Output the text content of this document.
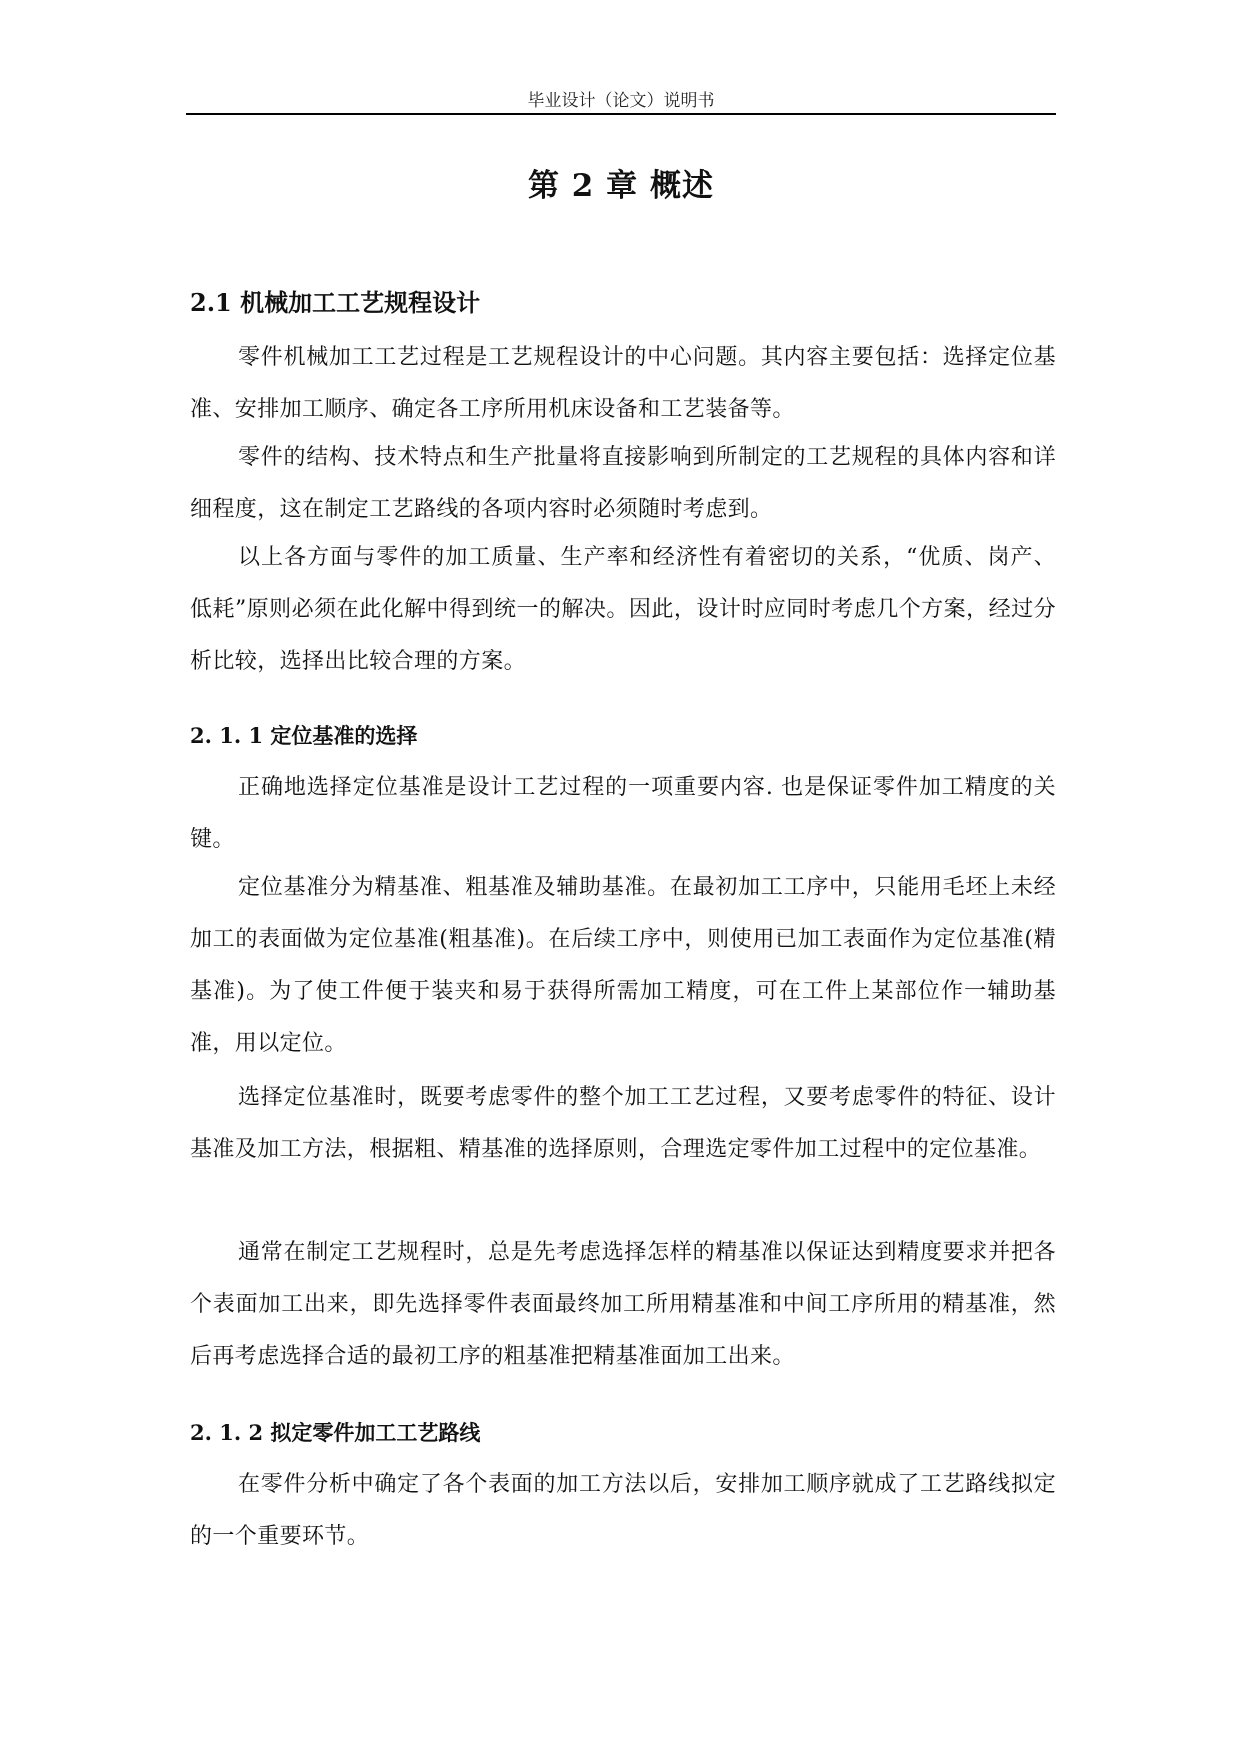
毕业设计（论文）说明书
第 2 章 概述
2.1 机械加工工艺规程设计

零件机械加工工艺过程是工艺规程设计的中心问题。其内容主要包括：选择定位基准、安排加工顺序、确定各工序所用机床设备和工艺装备等。

零件的结构、技术特点和生产批量将直接影响到所制定的工艺规程的具体内容和详细程度，这在制定工艺路线的各项内容时必须随时考虑到。

以上各方面与零件的加工质量、生产率和经济性有着密切的关系，“优质、岗产、低耗”原则必须在此化解中得到统一的解决。因此，设计时应同时考虑几个方案，经过分析比较，选择出比较合理的方案。

2. 1. 1 定位基准的选择

正确地选择定位基准是设计工艺过程的一项重要内容. 也是保证零件加工精度的关键。

定位基准分为精基准、粗基准及辅助基准。在最初加工工序中，只能用毛坯上未经加工的表面做为定位基准(粗基准)。在后续工序中，则使用已加工表面作为定位基准(精基准)。为了使工件便于装夹和易于获得所需加工精度，可在工件上某部位作一辅助基准，用以定位。

选择定位基准时，既要考虑零件的整个加工工艺过程，又要考虑零件的特征、设计基准及加工方法，根据粗、精基准的选择原则，合理选定零件加工过程中的定位基准。

通常在制定工艺规程时，总是先考虑选择怎样的精基准以保证达到精度要求并把各个表面加工出来，即先选择零件表面最终加工所用精基准和中间工序所用的精基准，然后再考虑选择合适的最初工序的粗基准把精基准面加工出来。

2. 1. 2 拟定零件加工工艺路线

在零件分析中确定了各个表面的加工方法以后，安排加工顺序就成了工艺路线拟定的一个重要环节。
